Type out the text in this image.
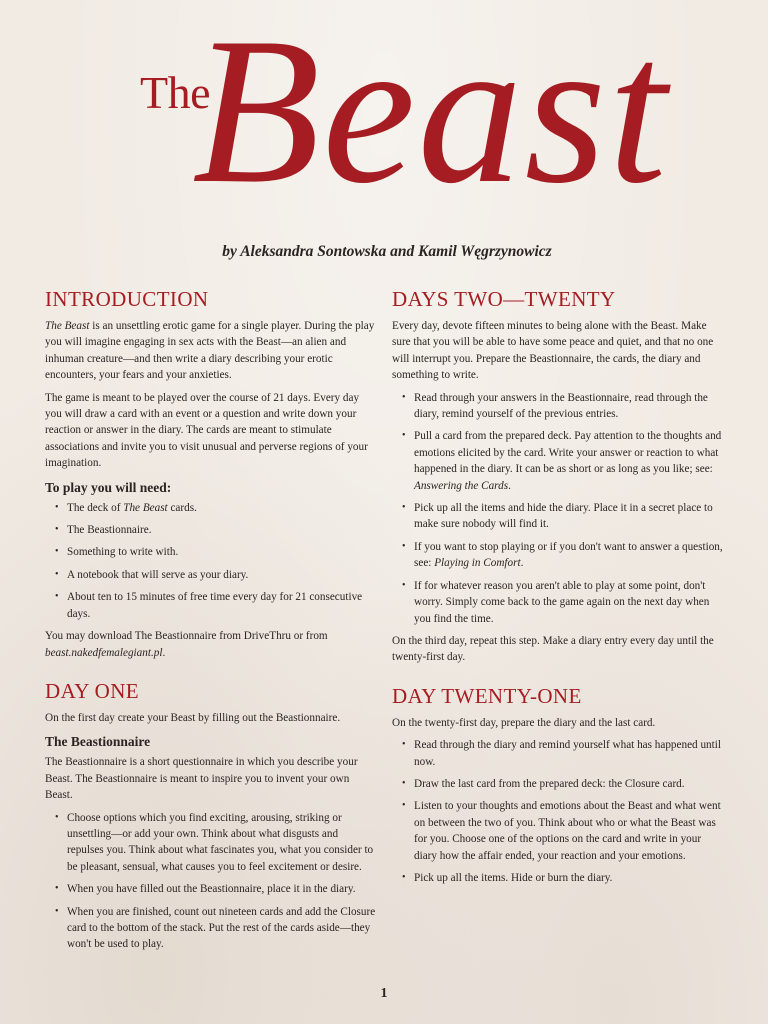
The
Beast
by Aleksandra Sontowska and Kamil Węgrzynowicz
INTRODUCTION

The Beast is an unsettling erotic game for a single player. During the play you will imagine engaging in sex acts with the Beast—an alien and inhuman creature—and then write a diary describing your erotic encounters, your fears and your anxieties.

The game is meant to be played over the course of 21 days. Every day you will draw a card with an event or a question and write down your reaction or answer in the diary. The cards are meant to stimulate associations and invite you to visit unusual and perverse regions of your imagination.

To play you will need:
• The deck of The Beast cards.
• The Beastionnaire.
• Something to write with.
• A notebook that will serve as your diary.
• About ten to 15 minutes of free time every day for 21 consecutive days.

You may download The Beastionnaire from DriveThru or from beast.nakedfemalegiant.pl.

DAY ONE

On the first day create your Beast by filling out the Beastionnaire.

The Beastionnaire

The Beastionnaire is a short questionnaire in which you describe your Beast. The Beastionnaire is meant to inspire you to invent your own Beast.

• Choose options which you find exciting, arousing, striking or unsettling—or add your own. Think about what disgusts and repulses you. Think about what fascinates you, what you consider to be pleasant, sensual, what causes you to feel excitement or desire.
• When you have filled out the Beastionnaire, place it in the diary.
• When you are finished, count out nineteen cards and add the Closure card to the bottom of the stack. Put the rest of the cards aside—they won't be used to play.
DAYS TWO—TWENTY

Every day, devote fifteen minutes to being alone with the Beast. Make sure that you will be able to have some peace and quiet, and that no one will interrupt you. Prepare the Beastionnaire, the cards, the diary and something to write.

• Read through your answers in the Beastionnaire, read through the diary, remind yourself of the previous entries.
• Pull a card from the prepared deck. Pay attention to the thoughts and emotions elicited by the card. Write your answer or reaction to what happened in the diary. It can be as short or as long as you like; see: Answering the Cards.
• Pick up all the items and hide the diary. Place it in a secret place to make sure nobody will find it.
• If you want to stop playing or if you don't want to answer a question, see: Playing in Comfort.
• If for whatever reason you aren't able to play at some point, don't worry. Simply come back to the game again on the next day when you find the time.

On the third day, repeat this step. Make a diary entry every day until the twenty-first day.

DAY TWENTY-ONE

On the twenty-first day, prepare the diary and the last card.

• Read through the diary and remind yourself what has happened until now.
• Draw the last card from the prepared deck: the Closure card.
• Listen to your thoughts and emotions about the Beast and what went on between the two of you. Think about who or what the Beast was for you. Choose one of the options on the card and write in your diary how the affair ended, your reaction and your emotions.
• Pick up all the items. Hide or burn the diary.
1
